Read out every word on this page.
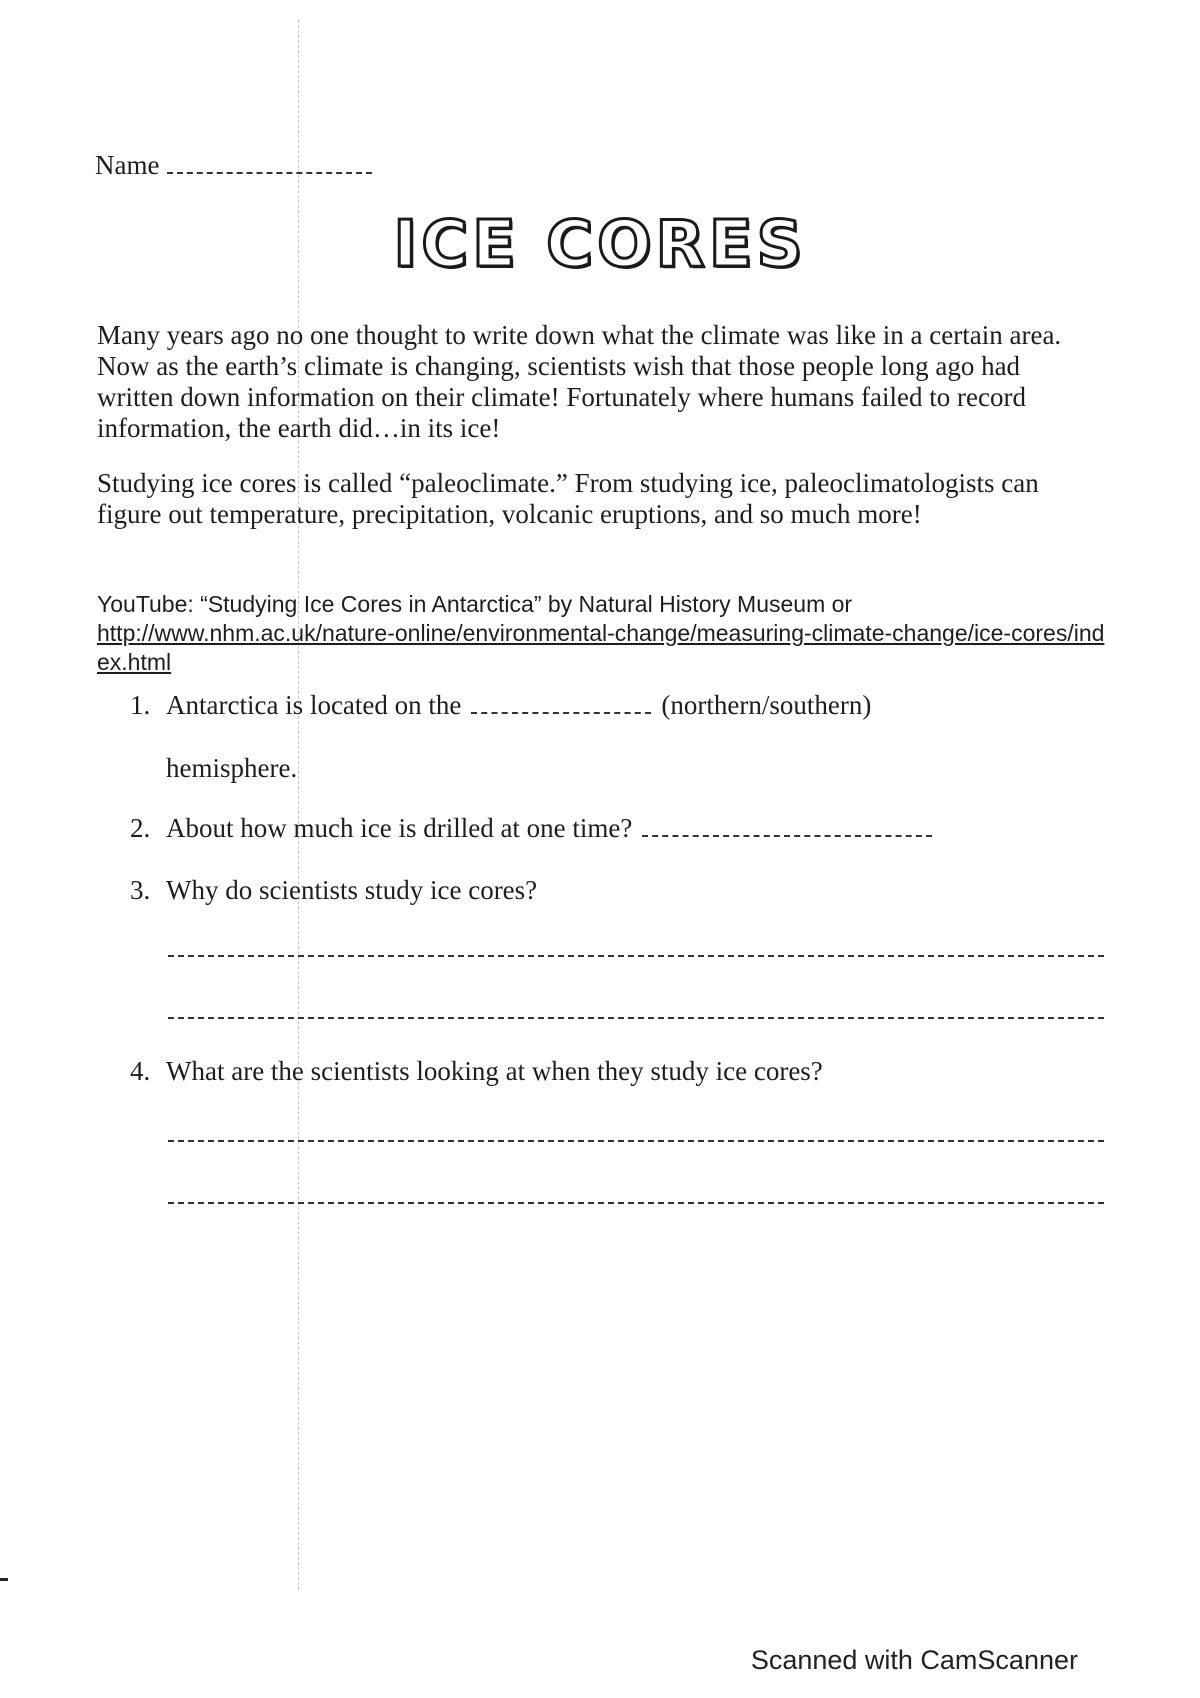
Name
ICE CORES

Many years ago no one thought to write down what the climate was like in a certain area. Now as the earth’s climate is changing, scientists wish that those people long ago had written down information on their climate! Fortunately where humans failed to record information, the earth did…in its ice!

Studying ice cores is called “paleoclimate.” From studying ice, paleoclimatologists can figure out temperature, precipitation, volcanic eruptions, and so much more!

YouTube: “Studying Ice Cores in Antarctica” by Natural History Museum or
http://www.nhm.ac.uk/nature-online/environmental-change/measuring-climate-change/ice-cores/index.html
1. Antarctica is located on the	(northern/southern)
hemisphere.
2. About how much ice is drilled at one time?
3. Why do scientists study ice cores?
4. What are the scientists looking at when they study ice cores?
Scanned with CamScanner
